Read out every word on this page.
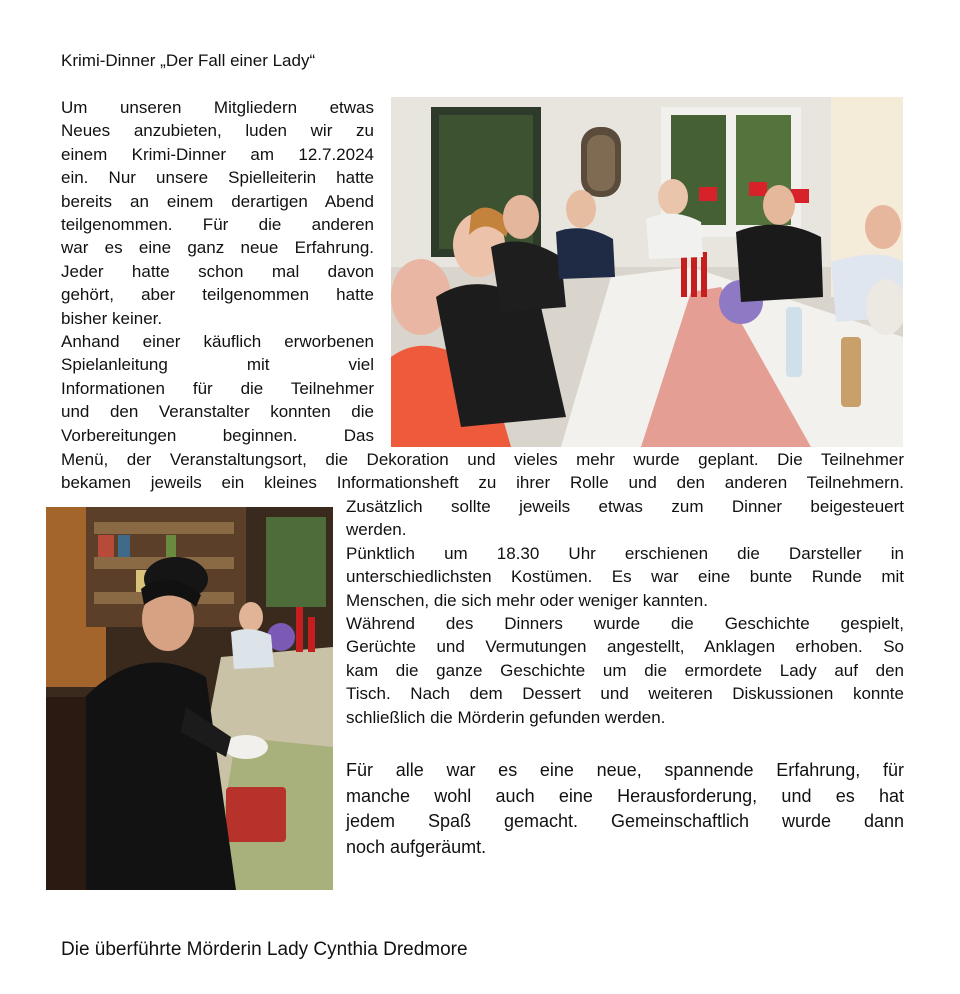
Krimi-Dinner „Der Fall einer Lady“

Um unseren Mitgliedern etwas
Neues anzubieten, luden wir zu
einem Krimi-Dinner am 12.7.2024
ein. Nur unsere Spielleiterin hatte
bereits an einem derartigen Abend
teilgenommen. Für die anderen
war es eine ganz neue Erfahrung.
Jeder hatte schon mal davon
gehört, aber teilgenommen hatte
bisher keiner.
Anhand einer käuflich erworbenen
Spielanleitung mit viel
Informationen für die Teilnehmer
und den Veranstalter konnten die
Vorbereitungen beginnen. Das

Menü, der Veranstaltungsort, die Dekoration und vieles mehr wurde geplant. Die Teilnehmer
bekamen jeweils ein kleines Informationsheft zu ihrer Rolle und den anderen Teilnehmern.

Zusätzlich sollte jeweils etwas zum Dinner beigesteuert
werden.
Pünktlich um 18.30 Uhr erschienen die Darsteller in
unterschiedlichsten Kostümen. Es war eine bunte Runde mit
Menschen, die sich mehr oder weniger kannten.
Während des Dinners wurde die Geschichte gespielt,
Gerüchte und Vermutungen angestellt, Anklagen erhoben. So
kam die ganze Geschichte um die ermordete Lady auf den
Tisch. Nach dem Dessert und weiteren Diskussionen konnte
schließlich die Mörderin gefunden werden.

Für alle war es eine neue, spannende Erfahrung, für
manche wohl auch eine Herausforderung, und es hat
jedem Spaß gemacht. Gemeinschaftlich wurde dann
noch aufgeräumt.

Die überführte Mörderin Lady Cynthia Dredmore
